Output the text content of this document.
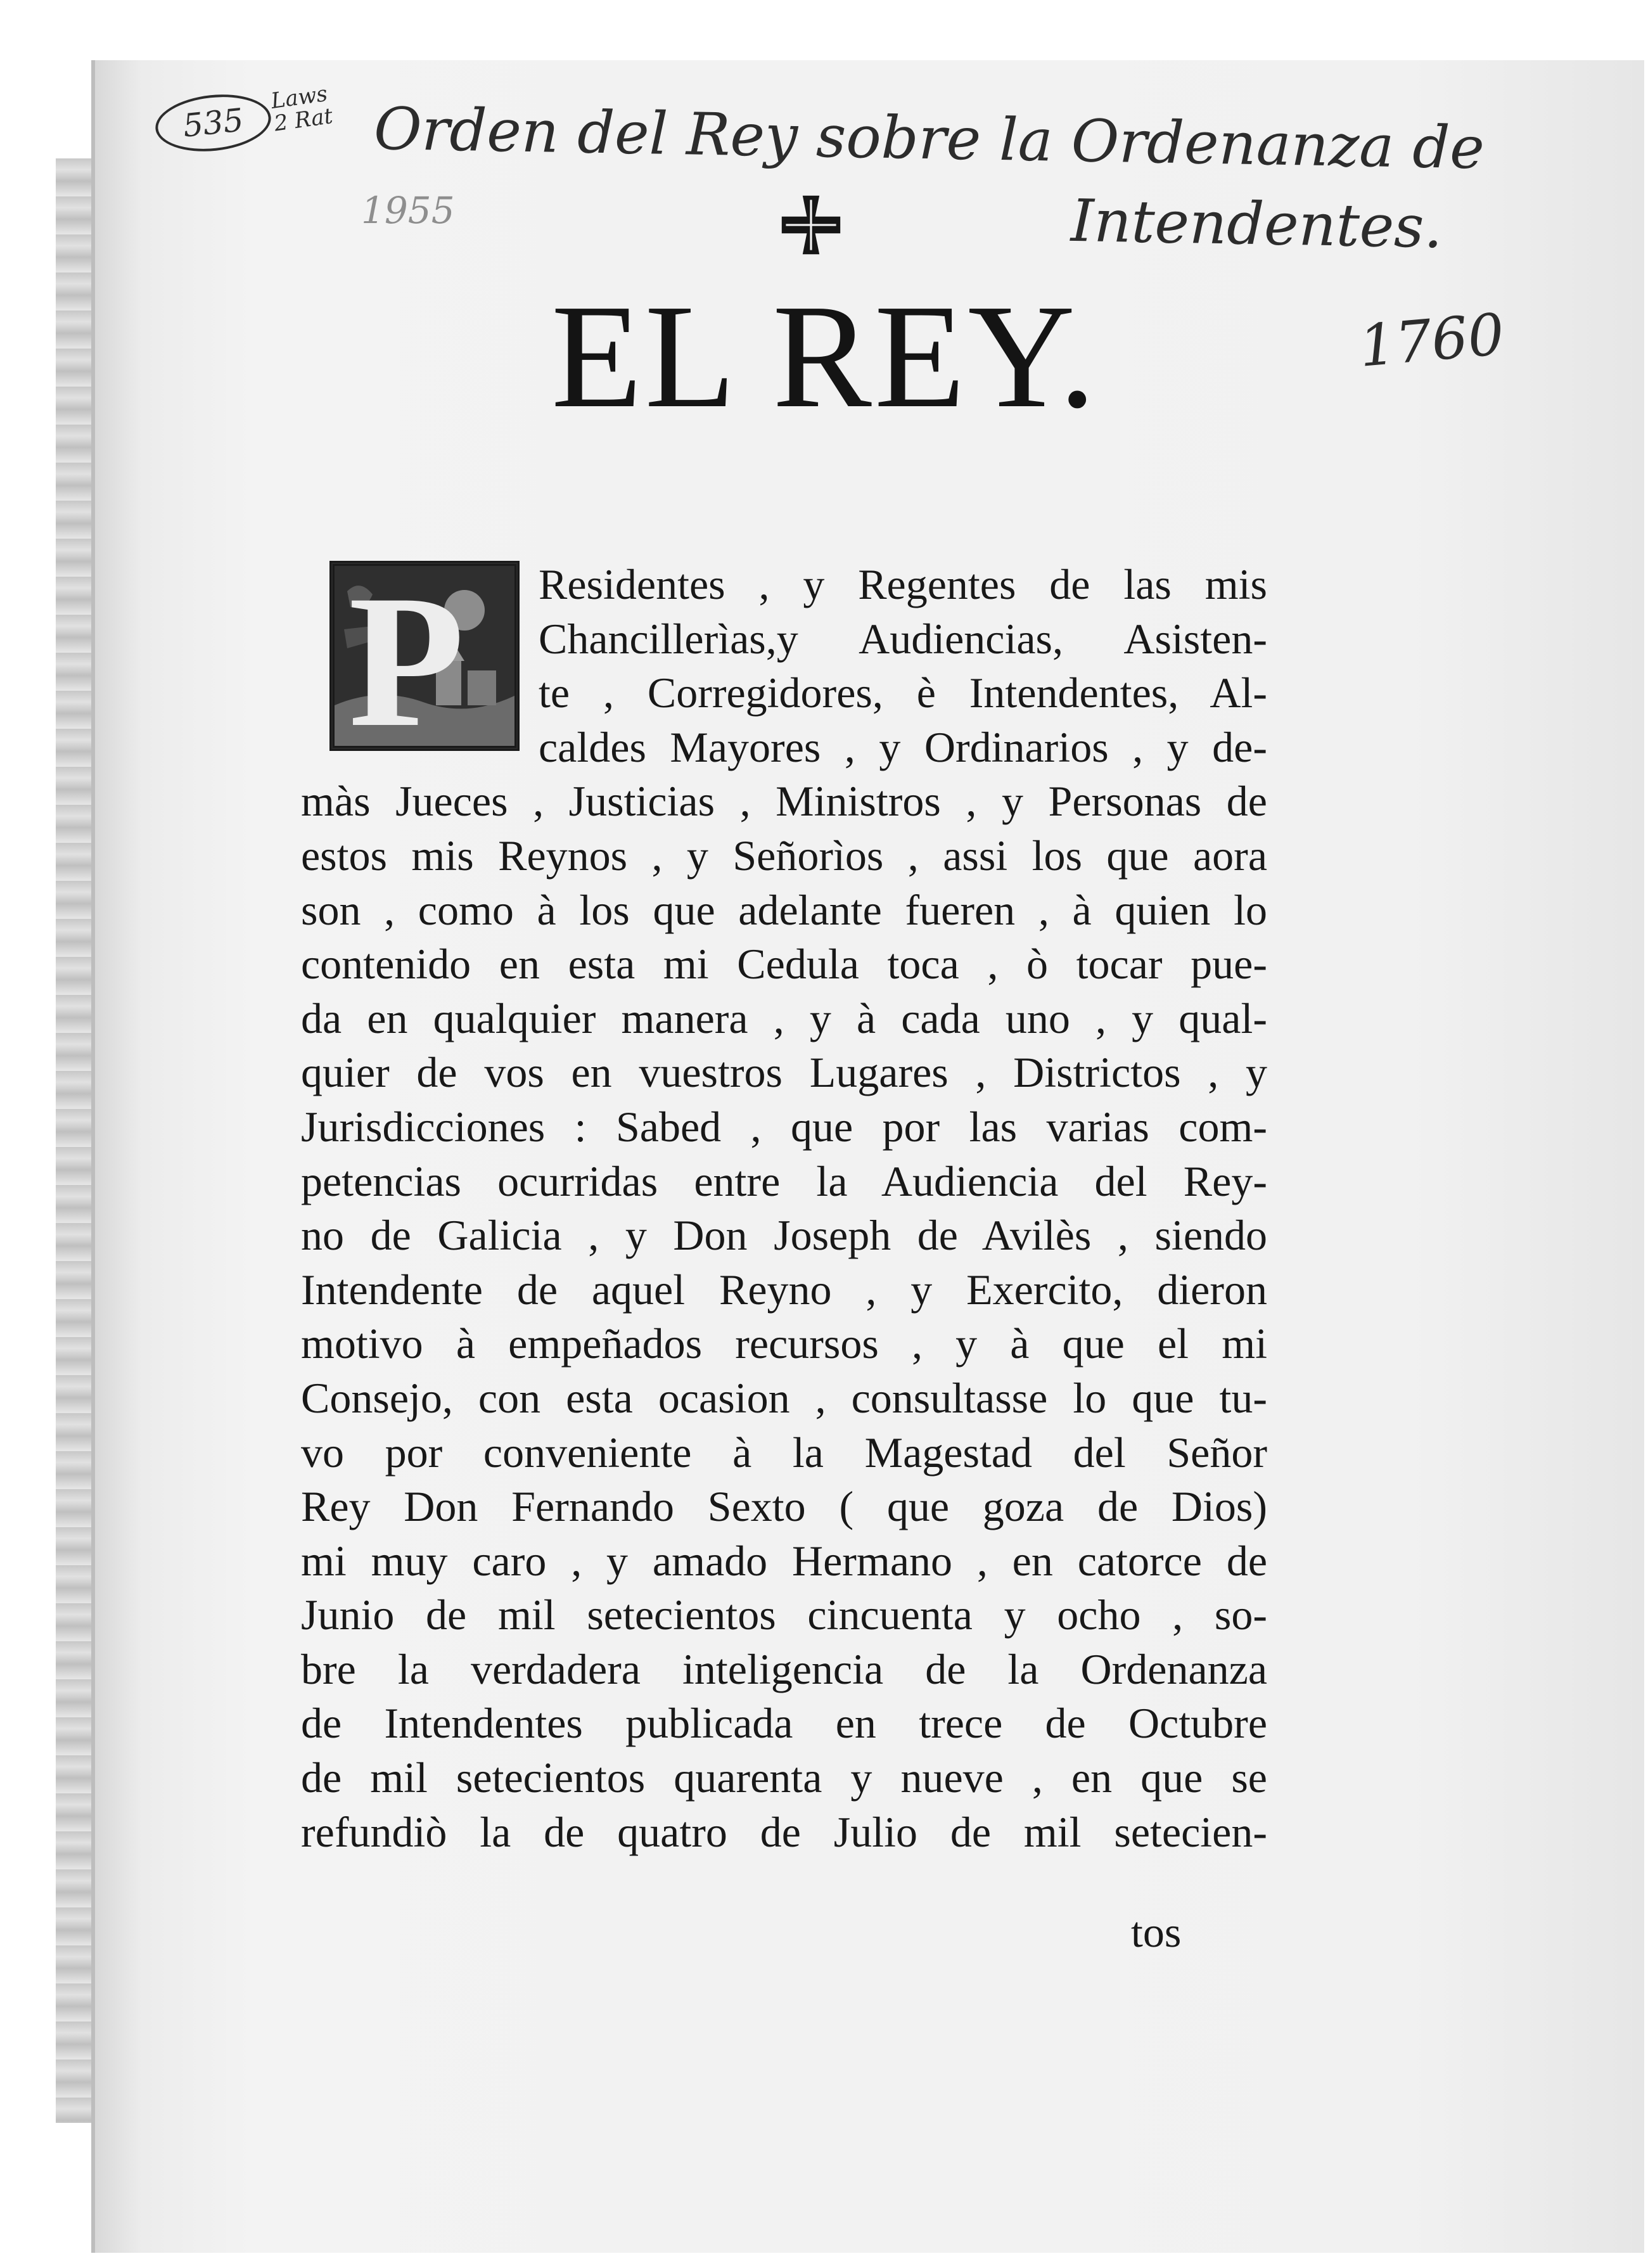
535
Laws 2 Rat Orden del Rey sobre la Ordenanza de
Intendentes.
1955
1760
EL REY.
Residentes , y Regentes de las mis
Chancillerìas,y Audiencias, Asisten-
te , Corregidores, è Intendentes, Al-
caldes Mayores , y Ordinarios , y de-
màs Jueces , Justicias , Ministros , y Personas de
estos mis Reynos , y Señorìos , assi los que aora
son , como à los que adelante fueren , à quien lo
contenido en esta mi Cedula toca , ò tocar pue-
da en qualquier manera , y à cada uno , y qual-
quier de vos en vuestros Lugares , Districtos , y
Jurisdicciones : Sabed , que por las varias com-
petencias ocurridas entre la Audiencia del Rey-
no de Galicia , y Don Joseph de Avilès , siendo
Intendente de aquel Reyno , y Exercito, dieron
motivo à empeñados recursos , y à que el mi
Consejo, con esta ocasion , consultasse lo que tu-
vo por conveniente à la Magestad del Señor
Rey Don Fernando Sexto ( que goza de Dios)
mi muy caro , y amado Hermano , en catorce de
Junio de mil setecientos cincuenta y ocho , so-
bre la verdadera inteligencia de la Ordenanza
de Intendentes publicada en trece de Octubre
de mil setecientos quarenta y nueve , en que se
refundiò la de quatro de Julio de mil setecien-
P
tos
